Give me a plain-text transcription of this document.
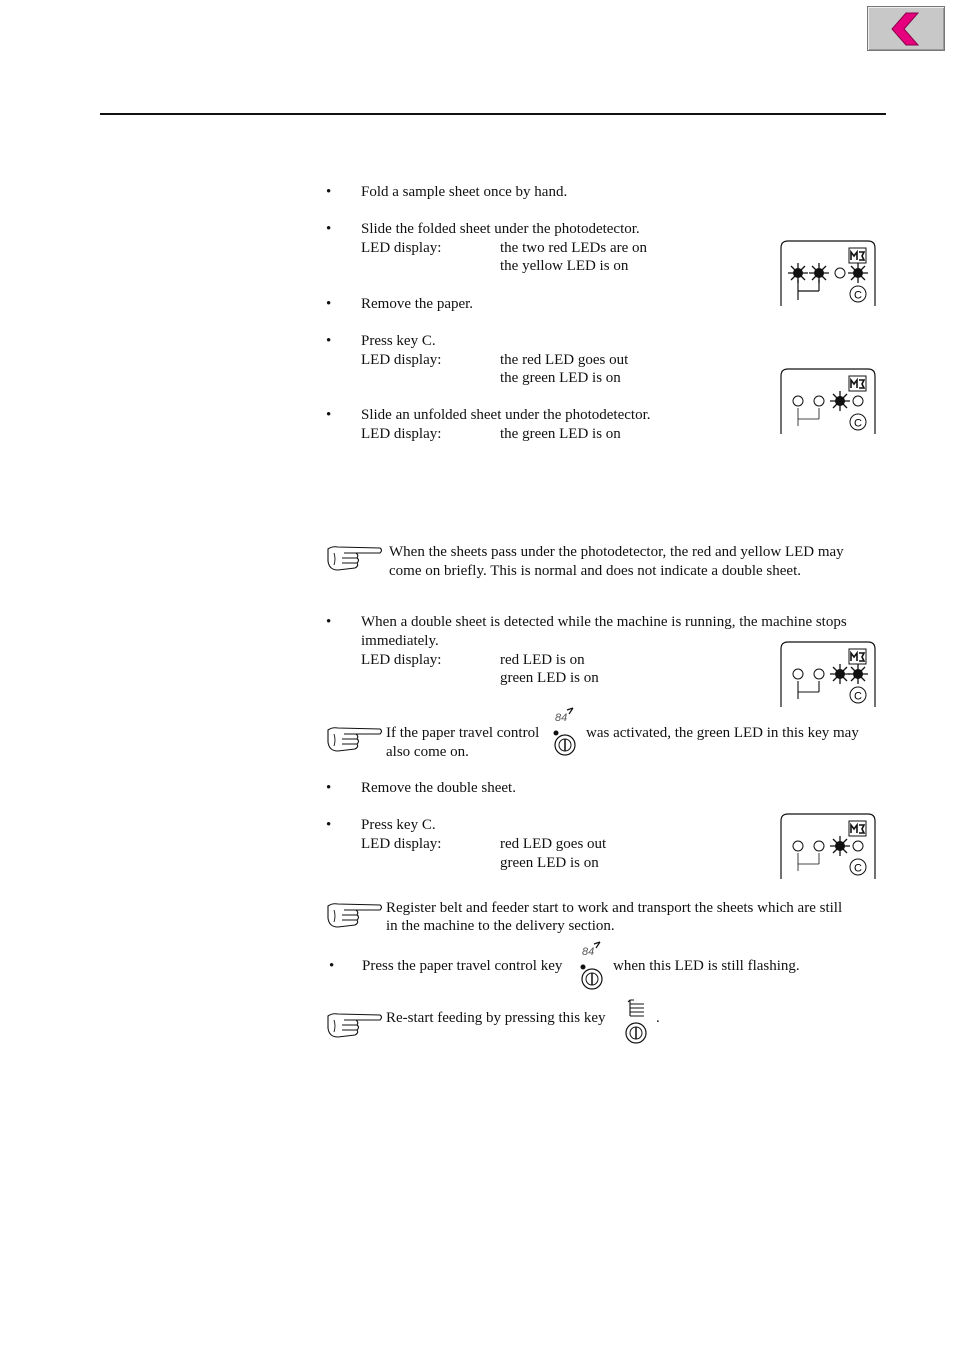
•	Fold a sample sheet once by hand.
•	Slide the folded sheet under the photodetector.
LED display:	the two red LEDs are on
the yellow LED is on
C
•	Remove the paper.
•	Press key C.
LED display:	the red LED goes out
the green LED is on
C
•	Slide an unfolded sheet under the photodetector.
LED display:	the green LED is on
When the sheets pass under the photodetector, the red and yellow LED may
come on briefly. This is normal and does not indicate a double sheet.
•	When a double sheet is detected while the machine is running, the machine stops
immediately.
LED display:	red LED is on
green LED is on
C
If the paper travel control
84
was activated, the green LED in this key may
also come on.
•	Remove the double sheet.
•	Press key C.
LED display:	red LED goes out
green LED is on	C
Register belt and feeder start to work and transport the sheets which are still
in the machine to the delivery section.
•	Press the paper travel control key
84
when this LED is still flashing.
Re-start feeding by pressing this key	.
